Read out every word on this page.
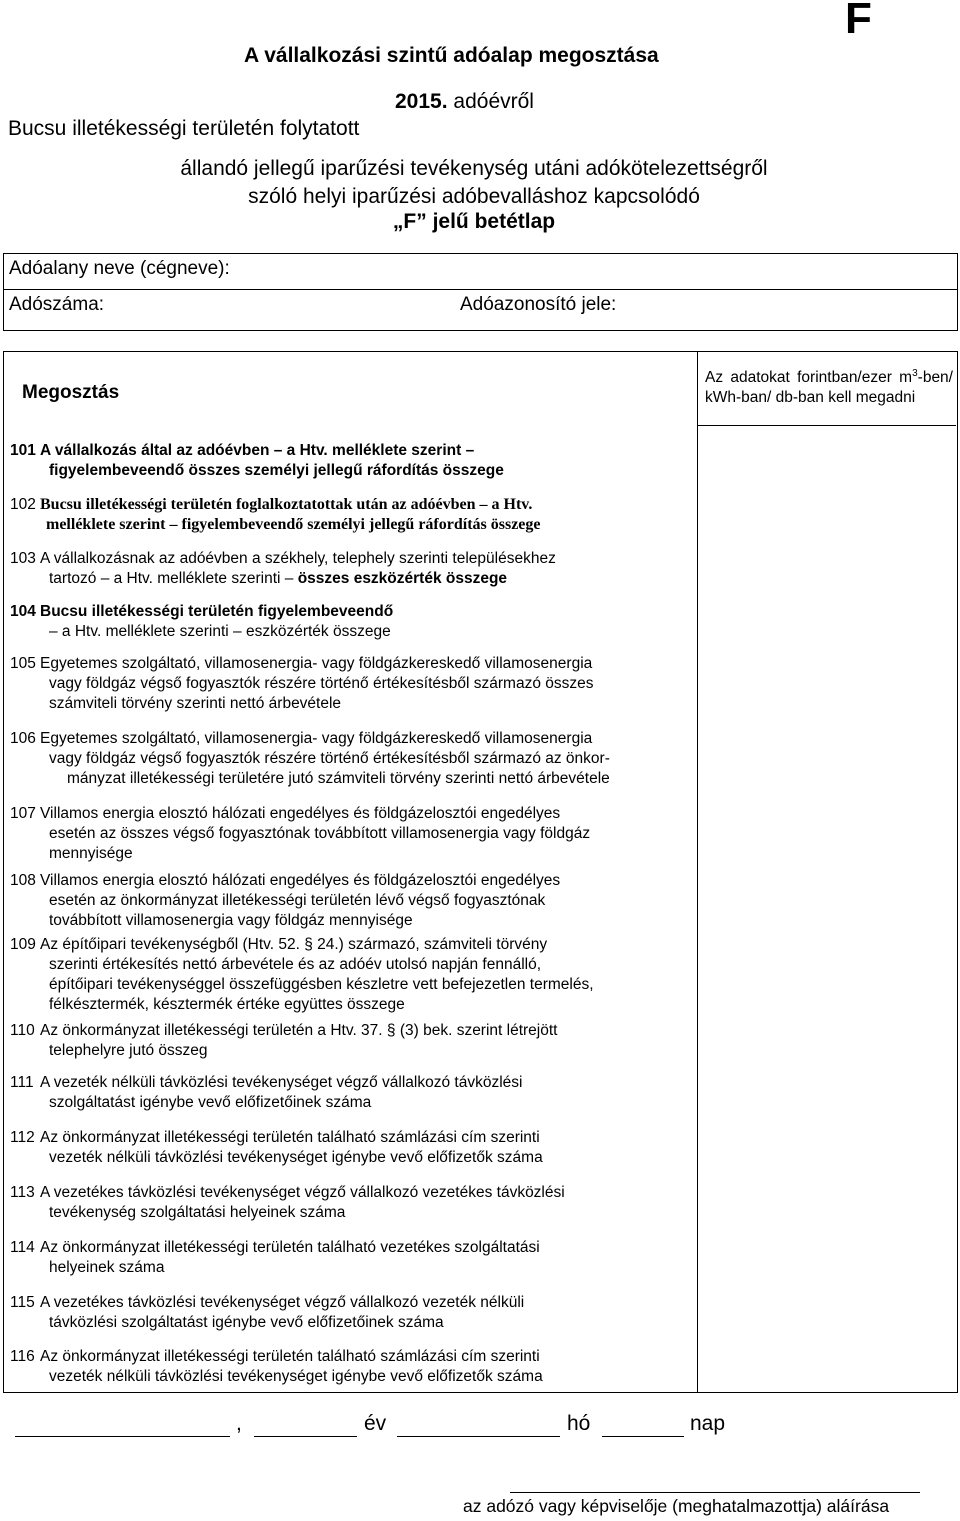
F
A vállalkozási szintű adóalap megosztása
2015. adóévről
Bucsu illetékességi területén folytatott
állandó jellegű iparűzési tevékenység utáni adókötelezettségről
szóló helyi iparűzési adóbevalláshoz kapcsolódó
„F” jelű betétlap
Adóalany neve (cégneve):
Adószáma:	Adóazonosító jele:
Megosztás
Az adatokat forintban/ezer $m^3-ben/$ kWh-ban/ db-ban kell megadni
101 A vállalkozás által az adóévben – a Htv. melléklete szerint –
figyelembeveendő összes személyi jellegű ráfordítás összege
102 Bucsu illetékességi területén foglalkoztatottak után az adóévben – a Htv.
melléklete szerint – figyelembeveendő személyi jellegű ráfordítás összege
103 A vállalkozásnak az adóévben a székhely, telephely szerinti településekhez
tartozó – a Htv. melléklete szerinti – összes eszközérték összege
104 Bucsu illetékességi területén figyelembeveendő
– a Htv. melléklete szerinti – eszközérték összege
105 Egyetemes szolgáltató, villamosenergia- vagy földgázkereskedő villamosenergia
vagy földgáz végső fogyasztók részére történő értékesítésből származó összes
számviteli törvény szerinti nettó árbevétele
106 Egyetemes szolgáltató, villamosenergia- vagy földgázkereskedő villamosenergia
vagy földgáz végső fogyasztók részére történő értékesítésből származó az önkor-
mányzat illetékességi területére jutó számviteli törvény szerinti nettó árbevétele
107 Villamos energia elosztó hálózati engedélyes és földgázelosztói engedélyes
esetén az összes végső fogyasztónak továbbított villamosenergia vagy földgáz
mennyisége
108 Villamos energia elosztó hálózati engedélyes és földgázelosztói engedélyes
esetén az önkormányzat illetékességi területén lévő végső fogyasztónak
továbbított villamosenergia vagy földgáz mennyisége
109 Az építőipari tevékenységből (Htv. 52. § 24.) származó, számviteli törvény
szerinti értékesítés nettó árbevétele és az adóév utolsó napján fennálló,
építőipari tevékenységgel összefüggésben készletre vett befejezetlen termelés,
félkésztermék, késztermék értéke együttes összege
110 Az önkormányzat illetékességi területén a Htv. 37. § (3) bek. szerint létrejött
telephelyre jutó összeg
111 A vezeték nélküli távközlési tevékenységet végző vállalkozó távközlési
szolgáltatást igénybe vevő előfizetőinek száma
112 Az önkormányzat illetékességi területén található számlázási cím szerinti
vezeték nélküli távközlési tevékenységet igénybe vevő előfizetők száma
113 A vezetékes távközlési tevékenységet végző vállalkozó vezetékes távközlési
tevékenység szolgáltatási helyeinek száma
114 Az önkormányzat illetékességi területén található vezetékes szolgáltatási
helyeinek száma
115 A vezetékes távközlési tevékenységet végző vállalkozó vezeték nélküli
távközlési szolgáltatást igénybe vevő előfizetőinek száma
116 Az önkormányzat illetékességi területén található számlázási cím szerinti
vezeték nélküli távközlési tevékenységet igénybe vevő előfizetők száma
,	év	hó	nap
az adózó vagy képviselője (meghatalmazottja) aláírása
